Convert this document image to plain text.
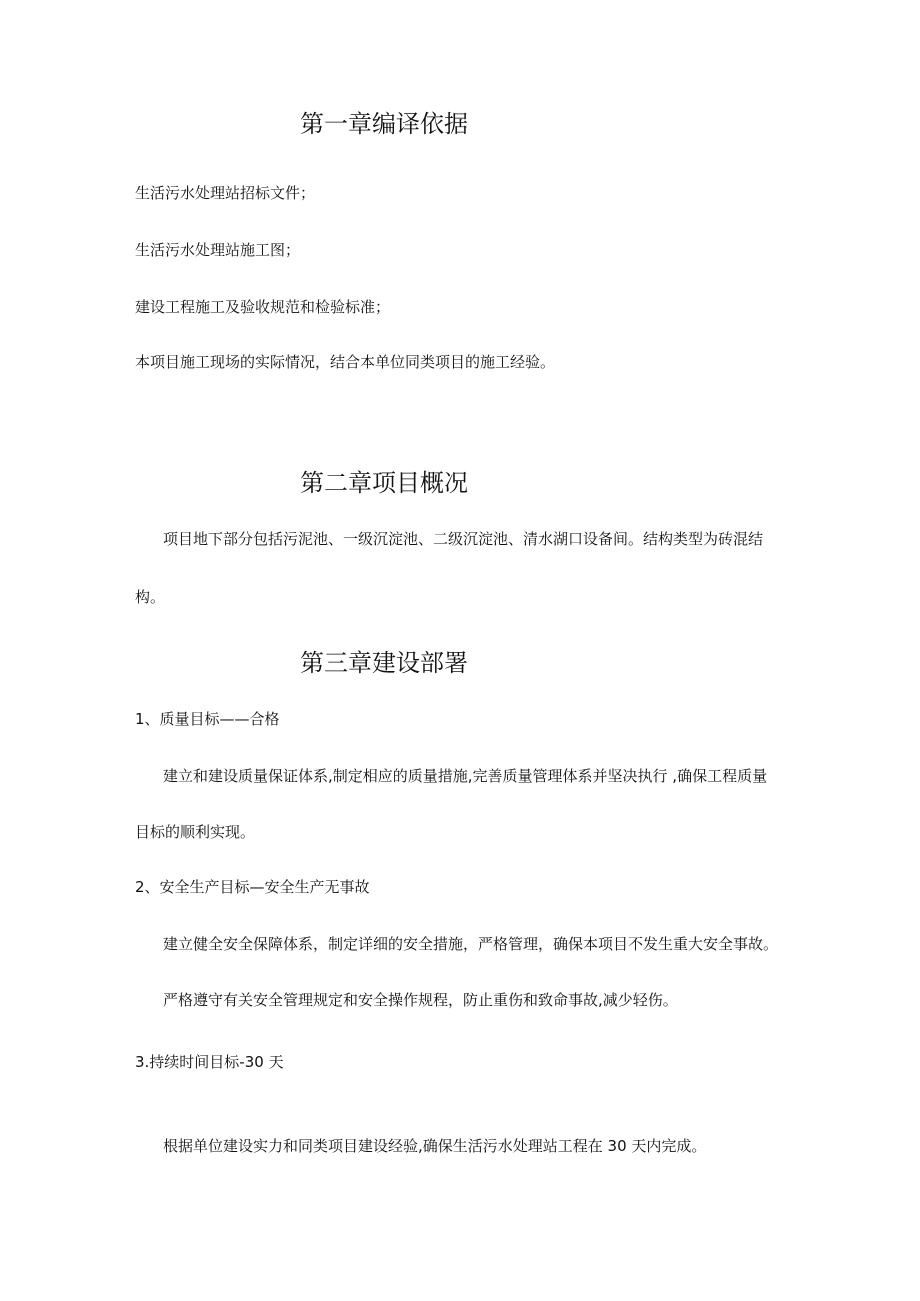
第一章编译依据

生活污水处理站招标文件；

生活污水处理站施工图；

建设工程施工及验收规范和检验标准；

本项目施工现场的实际情况，结合本单位同类项目的施工经验。

第二章项目概况

项目地下部分包括污泥池、一级沉淀池、二级沉淀池、清水湖口设备间。结构类型为砖混结

构。

第三章建设部署

1、质量目标——合格

建立和建设质量保证体系,制定相应的质量措施,完善质量管理体系并坚决执行 ,确保工程质量

目标的顺利实现。

2、安全生产目标—安全生产无事故

建立健全安全保障体系，制定详细的安全措施，严格管理，确保本项目不发生重大安全事故。

严格遵守有关安全管理规定和安全操作规程，防止重伤和致命事故,减少轻伤。

3.持续时间目标-30 天

根据单位建设实力和同类项目建设经验,确保生活污水处理站工程在 30 天内完成。
